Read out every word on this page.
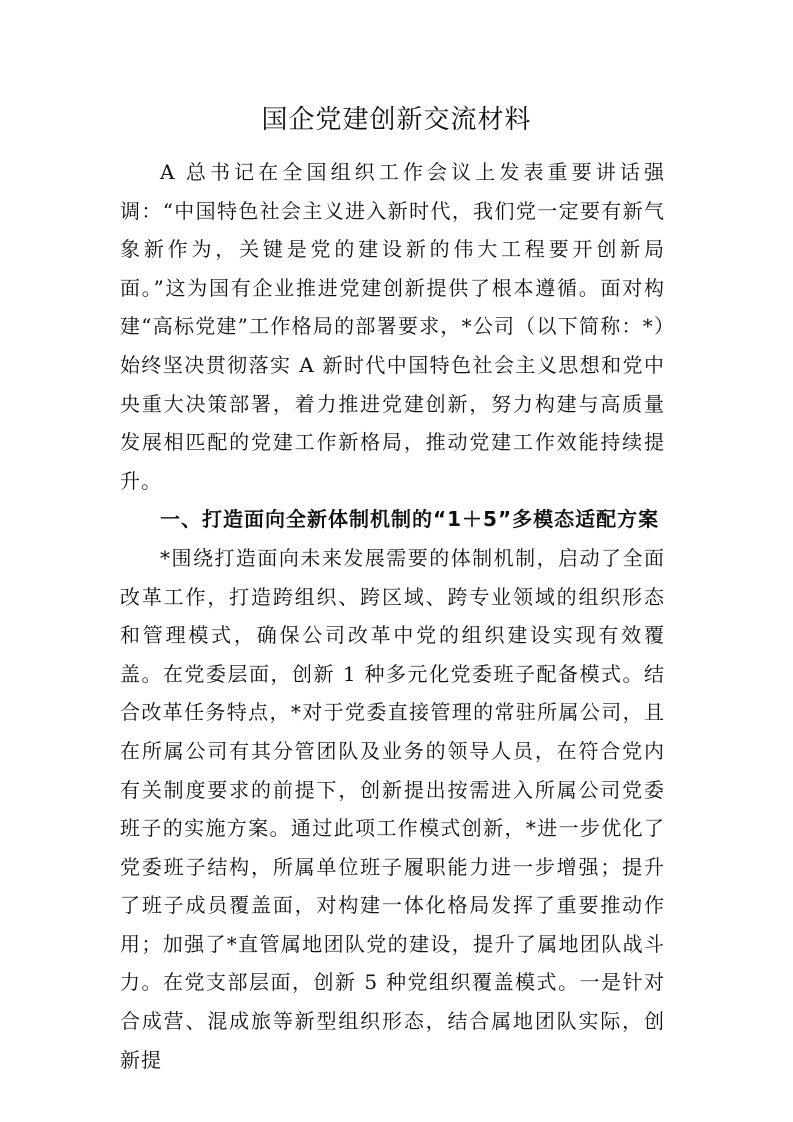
国企党建创新交流材料

A 总书记在全国组织工作会议上发表重要讲话强调：“中国特色社会主义进入新时代，我们党一定要有新气象新作为，关键是党的建设新的伟大工程要开创新局面。”这为国有企业推进党建创新提供了根本遵循。面对构建“高标党建”工作格局的部署要求，*公司（以下简称：*）始终坚决贯彻落实 A 新时代中国特色社会主义思想和党中央重大决策部署，着力推进党建创新，努力构建与高质量发展相匹配的党建工作新格局，推动党建工作效能持续提升。

一、打造面向全新体制机制的“1＋5”多模态适配方案

*围绕打造面向未来发展需要的体制机制，启动了全面改革工作，打造跨组织、跨区域、跨专业领域的组织形态和管理模式，确保公司改革中党的组织建设实现有效覆盖。在党委层面，创新 1 种多元化党委班子配备模式。结合改革任务特点，*对于党委直接管理的常驻所属公司，且在所属公司有其分管团队及业务的领导人员，在符合党内有关制度要求的前提下，创新提出按需进入所属公司党委班子的实施方案。通过此项工作模式创新，*进一步优化了党委班子结构，所属单位班子履职能力进一步增强；提升了班子成员覆盖面，对构建一体化格局发挥了重要推动作用；加强了*直管属地团队党的建设，提升了属地团队战斗力。在党支部层面，创新 5 种党组织覆盖模式。一是针对合成营、混成旅等新型组织形态，结合属地团队实际，创新提
